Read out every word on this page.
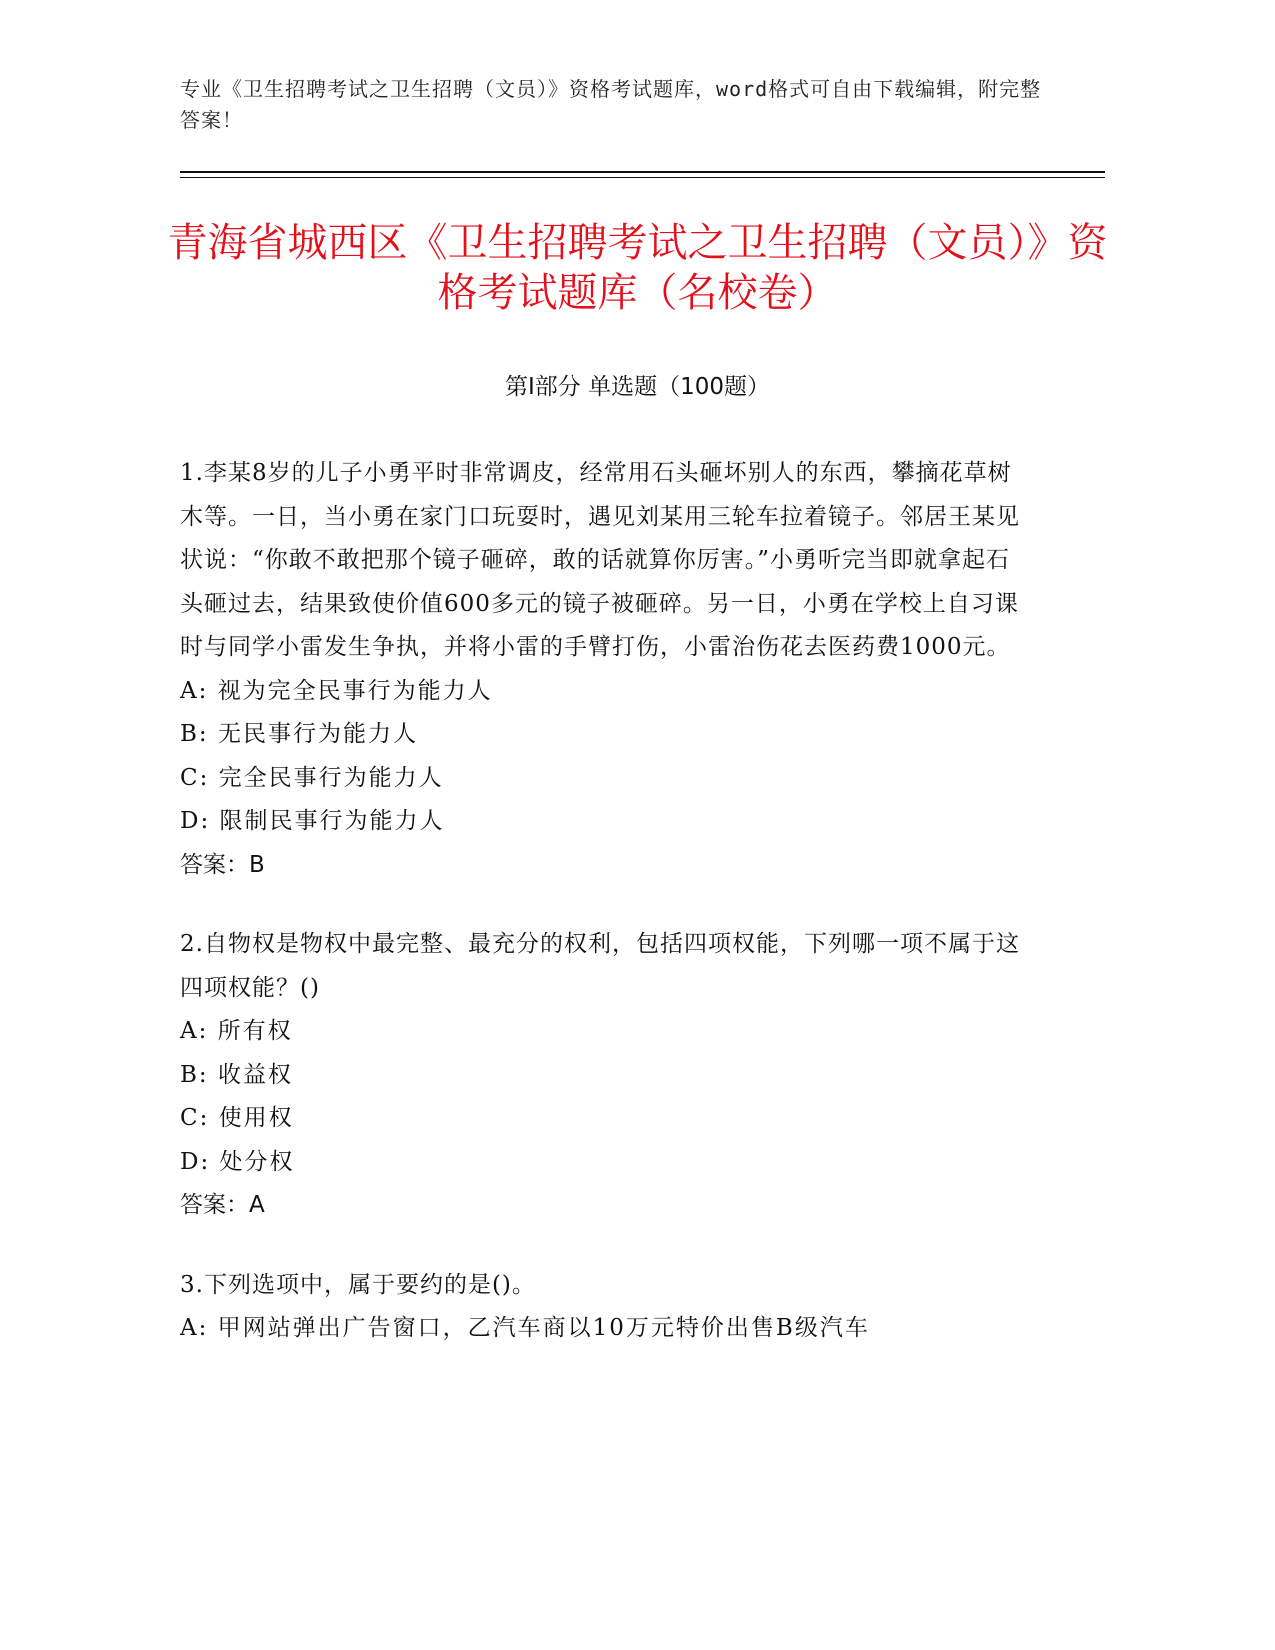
专业《卫生招聘考试之卫生招聘（文员）》资格考试题库，word格式可自由下载编辑，附完整答案！
青海省城西区《卫生招聘考试之卫生招聘（文员）》资格考试题库（名校卷）
第Ⅰ部分 单选题（100题）

1.李某8岁的儿子小勇平时非常调皮，经常用石头砸坏别人的东西，攀摘花草树木等。一日，当小勇在家门口玩耍时，遇见刘某用三轮车拉着镜子。邻居王某见状说：“你敢不敢把那个镜子砸碎，敢的话就算你厉害。”小勇听完当即就拿起石头砸过去，结果致使价值600多元的镜子被砸碎。另一日，小勇在学校上自习课时与同学小雷发生争执，并将小雷的手臂打伤，小雷治伤花去医药费1000元。

A: 视为完全民事行为能力人

B: 无民事行为能力人

C: 完全民事行为能力人

D: 限制民事行为能力人

答案：B

2.自物权是物权中最完整、最充分的权利，包括四项权能，下列哪一项不属于这四项权能？()

A: 所有权

B: 收益权

C: 使用权

D: 处分权

答案：A

3.下列选项中，属于要约的是()。

A: 甲网站弹出广告窗口，乙汽车商以10万元特价出售B级汽车
